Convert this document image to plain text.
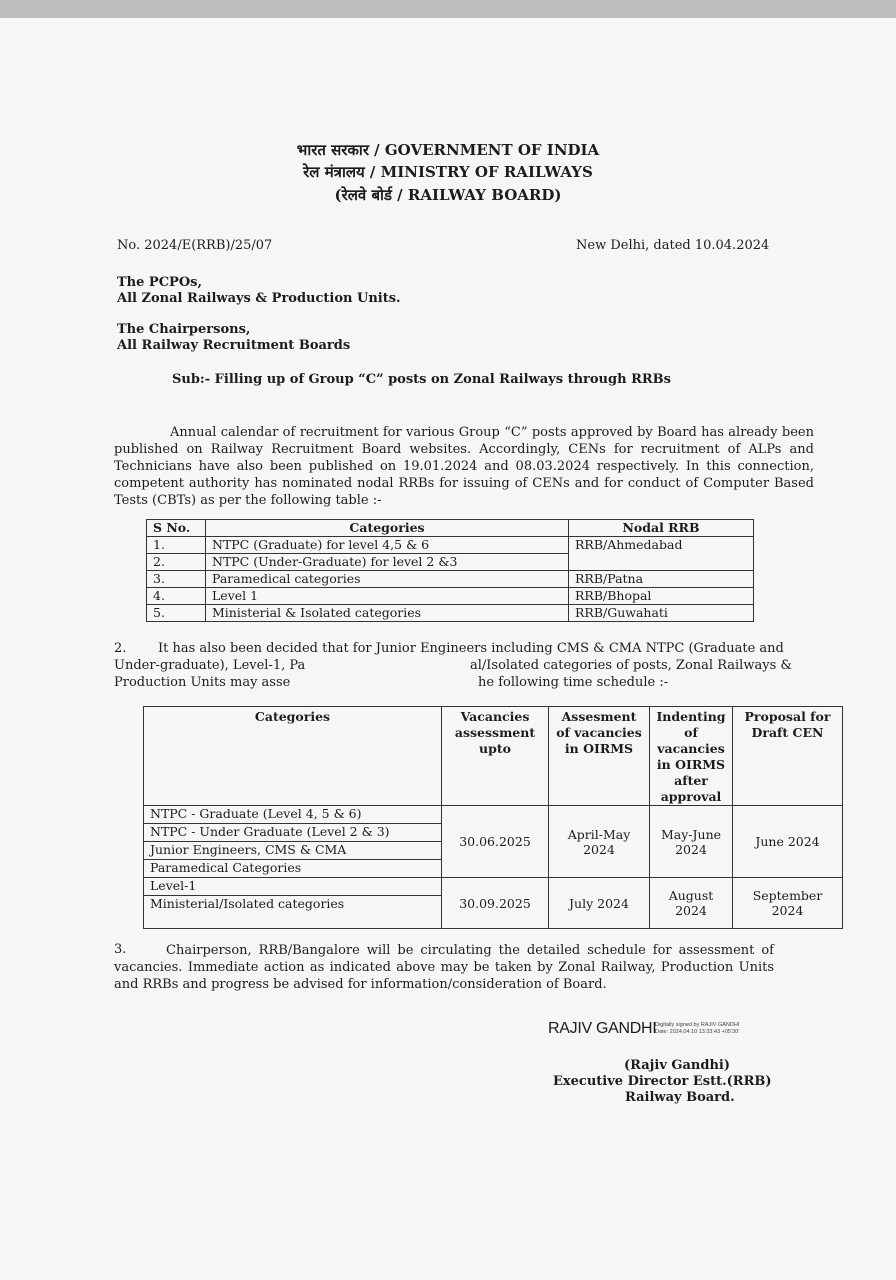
भारत सरकार / GOVERNMENT OF INDIA
रेल मंत्रालय / MINISTRY OF RAILWAYS
(रेलवे बोर्ड / RAILWAY BOARD)
No. 2024/E(RRB)/25/07	New Delhi, dated 10.04.2024
The PCPOs,
All Zonal Railways & Production Units.
The Chairpersons,
All Railway Recruitment Boards
Sub:- Filling up of Group “C” posts on Zonal Railways through RRBs
Annual calendar of recruitment for various Group “C” posts approved by Board has already been published on Railway Recruitment Board websites. Accordingly, CENs for recruitment of ALPs and Technicians have also been published on 19.01.2024 and 08.03.2024 respectively. In this connection, competent authority has nominated nodal RRBs for issuing of CENs and for conduct of Computer Based Tests (CBTs) as per the following table :-
S No.	Categories	Nodal RRB
1.	NTPC (Graduate) for level 4,5 & 6	RRB/Ahmedabad
2.	NTPC (Under-Graduate) for level 2 &3	
3.	Paramedical categories	RRB/Patna
4.	Level 1	RRB/Bhopal
5.	Ministerial & Isolated categories	RRB/Guwahati
2. It has also been decided that for Junior Engineers including CMS & CMA NTPC (Graduate and
Under-graduate), Level-1, Pa	al/Isolated categories of posts, Zonal Railways &
Production Units may asse	he following time schedule :-
Categories	Vacancies assessment upto	Assesment of vacancies in OIRMS	Indenting of vacancies in OIRMS after approval	Proposal for Draft CEN

NTPC - Graduate (Level 4, 5 & 6)
NTPC - Under Graduate (Level 2 & 3)
Junior Engineers, CMS & CMA
Paramedical Categories	30.06.2025	April-May 2024	May-June 2024	June 2024

Level-1
Ministerial/Isolated categories	30.09.2025	July 2024	August 2024	September 2024
3.	Chairperson, RRB/Bangalore will be circulating the detailed schedule for assessment of vacancies. Immediate action as indicated above may be taken by Zonal Railway, Production Units and RRBs and progress be advised for information/consideration of Board.
RAJIV GANDHI
Digitally signed by RAJIV GANDHI
Date: 2024.04.10 13:33:43 +05'30'
(Rajiv Gandhi)
Executive Director Estt.(RRB)
Railway Board.
